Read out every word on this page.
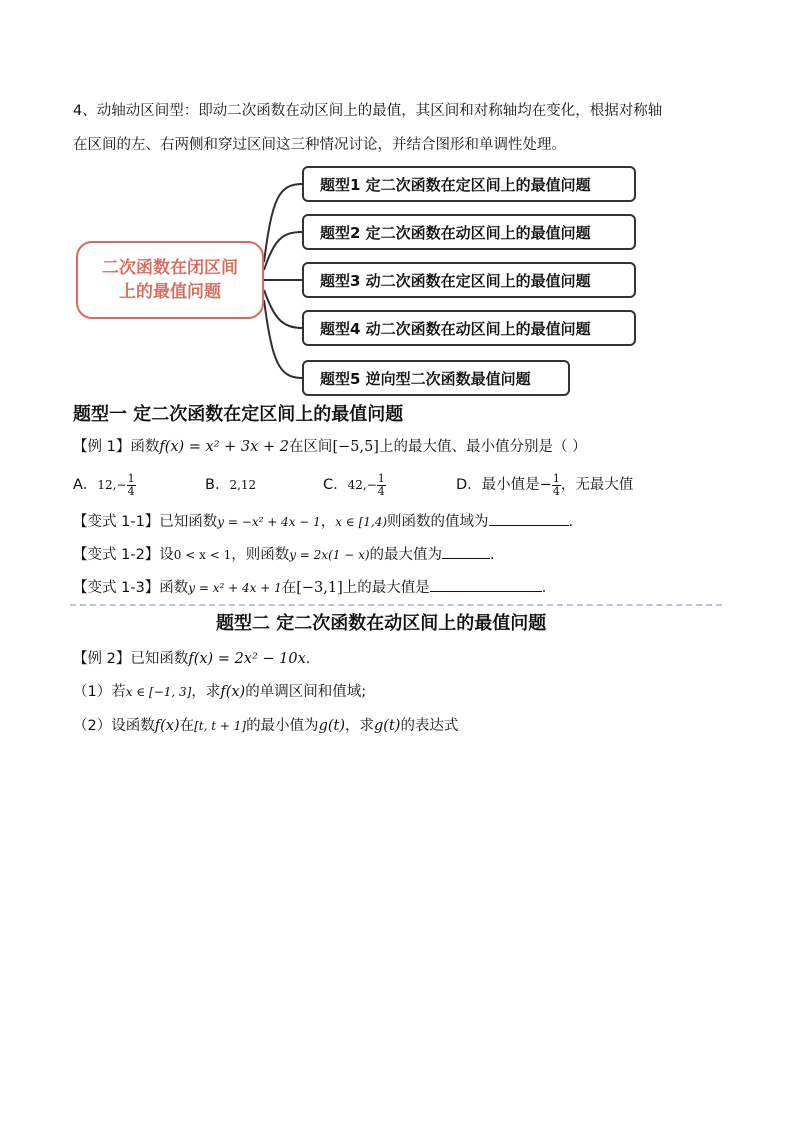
4、动轴动区间型：即动二次函数在动区间上的最值，其区间和对称轴均在变化，根据对称轴
在区间的左、右两侧和穿过区间这三种情况讨论，并结合图形和单调性处理。
二次函数在闭区间
上的最值问题
题型1 定二次函数在定区间上的最值问题
题型2 定二次函数在动区间上的最值问题
题型3 动二次函数在定区间上的最值问题
题型4 动二次函数在动区间上的最值问题
题型5 逆向型二次函数最值问题
题型一 定二次函数在定区间上的最值问题
【例 1】函数f(x) = x² + 3x + 2在区间[−5,5]上的最大值、最小值分别是（ ）
A．$12,- \frac{1}{4}$	B．2,12	C．$42,- \frac{1}{4}$	D．最小值是− $\frac{1}{4}$ ，无最大值
【变式 1-1】已知函数y = −x² + 4x − 1，x ∈ [1,4)则函数的值域为	.
【变式 1-2】设0 < x < 1，则函数y = 2x(1 − x)的最大值为	.
【变式 1-3】函数y = x² + 4x + 1在[−3,1]上的最大值是	．
题型二 定二次函数在动区间上的最值问题
【例 2】已知函数f(x) = 2x² − 10x.
（1）若x ∈ [−1, 3]，求f(x)的单调区间和值域;
（2）设函数f(x)在[t, t + 1]的最小值为g(t)，求g(t)的表达式
